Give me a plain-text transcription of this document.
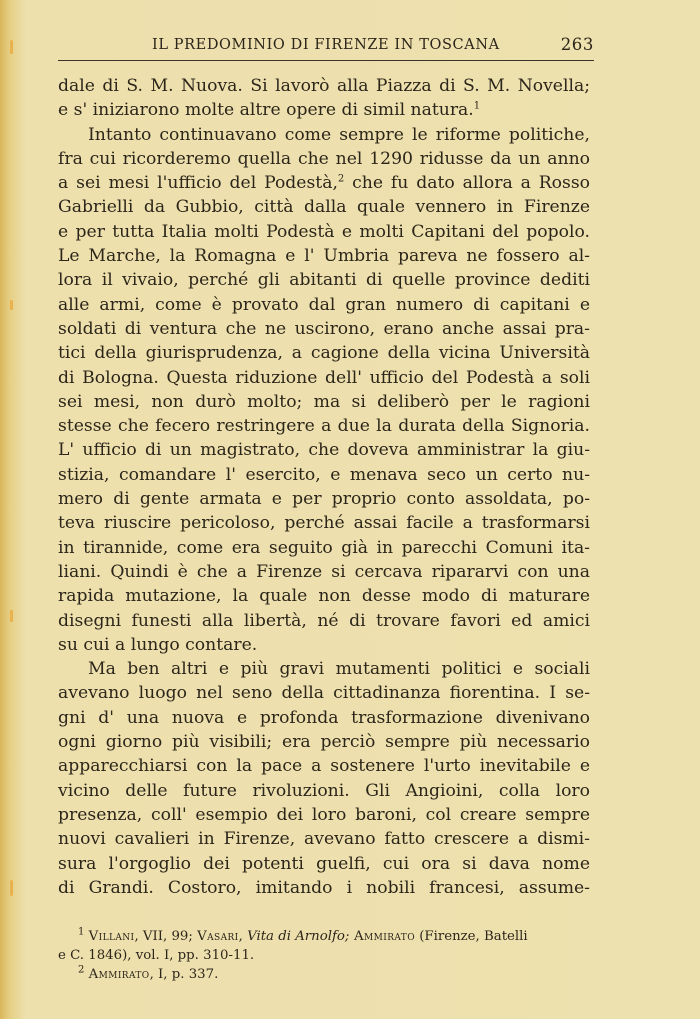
IL PREDOMINIO DI FIRENZE IN TOSCANA	263
dale di S. M. Nuova. Si lavorò alla Piazza di S. M. Novella;
e s' iniziarono molte altre opere di simil natura.$^1$
Intanto continuavano come sempre le riforme politiche,
fra cui ricorderemo quella che nel 1290 ridusse da un anno
a sei mesi l'ufficio del Podestà,$^2$ che fu dato allora a Rosso
Gabrielli da Gubbio, città dalla quale vennero in Firenze
e per tutta Italia molti Podestà e molti Capitani del popolo.
Le Marche, la Romagna e l' Umbria pareva ne fossero al-
lora il vivaio, perché gli abitanti di quelle province dediti
alle armi, come è provato dal gran numero di capitani e
soldati di ventura che ne uscirono, erano anche assai pra-
tici della giurisprudenza, a cagione della vicina Università
di Bologna. Questa riduzione dell' ufficio del Podestà a soli
sei mesi, non durò molto; ma si deliberò per le ragioni
stesse che fecero restringere a due la durata della Signoria.
L' ufficio di un magistrato, che doveva amministrar la giu-
stizia, comandare l' esercito, e menava seco un certo nu-
mero di gente armata e per proprio conto assoldata, po-
teva riuscire pericoloso, perché assai facile a trasformarsi
in tirannide, come era seguito già in parecchi Comuni ita-
liani. Quindi è che a Firenze si cercava ripararvi con una
rapida mutazione, la quale non desse modo di maturare
disegni funesti alla libertà, né di trovare favori ed amici
su cui a lungo contare.
Ma ben altri e più gravi mutamenti politici e sociali
avevano luogo nel seno della cittadinanza fiorentina. I se-
gni d' una nuova e profonda trasformazione divenivano
ogni giorno più visibili; era perciò sempre più necessario
apparecchiarsi con la pace a sostenere l'urto inevitabile e
vicino delle future rivoluzioni. Gli Angioini, colla loro
presenza, coll' esempio dei loro baroni, col creare sempre
nuovi cavalieri in Firenze, avevano fatto crescere a dismi-
sura l'orgoglio dei potenti guelfi, cui ora si dava nome
di Grandi. Costoro, imitando i nobili francesi, assume-
$^1$ Villani, VII, 99; Vasari, Vita di Arnolfo; Ammirato (Firenze, Batelli
e C. 1846), vol. I, pp. 310-11.
$^2$ Ammirato, I, p. 337.
